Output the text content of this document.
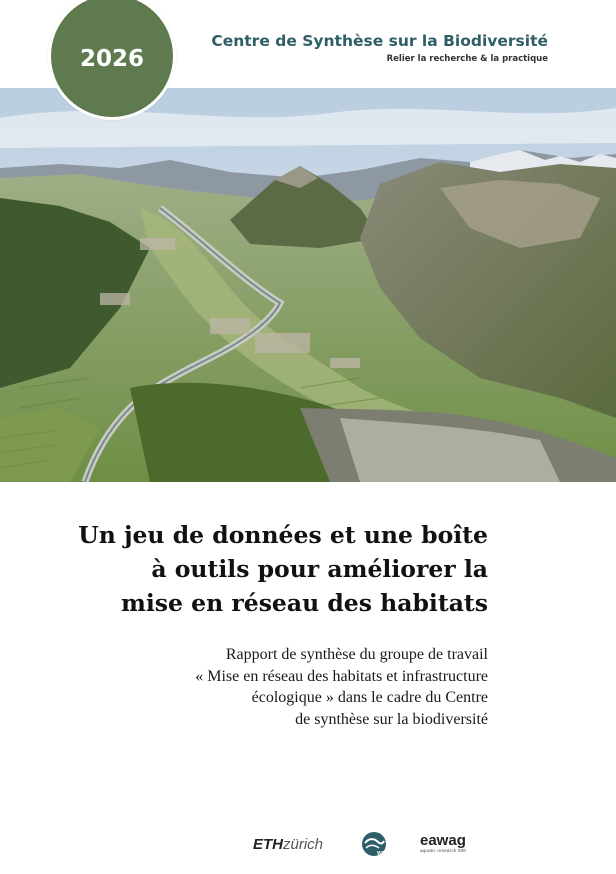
2026

Centre de Synthèse sur la Biodiversité

Relier la recherche & la practique

Un jeu de données et une boîte
à outils pour améliorer la
mise en réseau des habitats

Rapport de synthèse du groupe de travail
« Mise en réseau des habitats et infrastructure
écologique » dans le cadre du Centre
de synthèse sur la biodiversité

ETHzürich
WSL
eawag
aquatic research 000
